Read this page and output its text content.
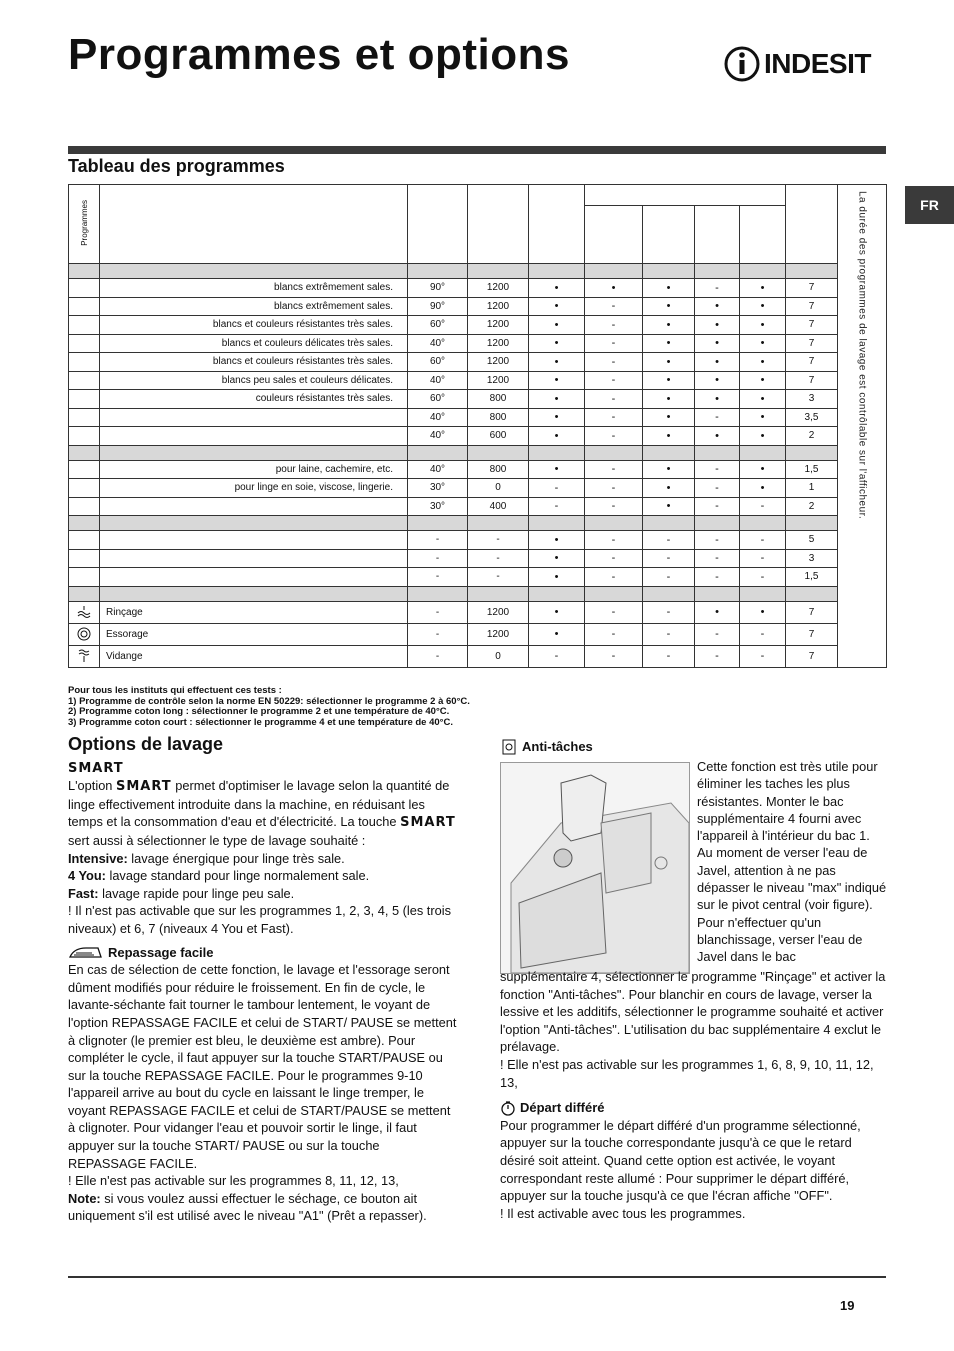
Programmes et options	INDESIT
Tableau des programmes
FR
Programmes										La durée des programmes de lavage est contrôlable sur l'afficheur.

	blancs extrêmement sales.	90°	1200	•	•	•	-	•	7	
	blancs extrêmement sales.	90°	1200	•	-	•	•	•	7	
	blancs et couleurs résistantes très sales.	60°	1200	•	-	•	•	•	7	
	blancs et couleurs délicates très sales.	40°	1200	•	-	•	•	•	7	
	blancs et couleurs résistantes très sales.	60°	1200	•	-	•	•	•	7	
	blancs peu sales et couleurs délicates.	40°	1200	•	-	•	•	•	7	
	couleurs résistantes très sales.	60°	800	•	-	•	•	•	3	
		40°	800	•	-	•	-	•	3,5	
		40°	600	•	-	•	•	•	2	

	pour laine, cachemire, etc.	40°	800	•	-	•	-	•	1,5	
	pour linge en soie, viscose, lingerie.	30°	0	-	-	•	-	•	1	
		30°	400	-	-	•	-	-	2	

		-	-	•	-	-	-	-	5	
		-	-	•	-	-	-	-	3	
		-	-	•	-	-	-	-	1,5	

	Rinçage	-	1200	•	-	-	•	•	7	

	Essorage	-	1200	•	-	-	-	-	7	

	Vidange	-	0	-	-	-	-	-	7	
Pour tous les instituts qui effectuent ces tests :
1) Programme de contrôle selon la norme EN 50229: sélectionner le programme 2 à 60°C.
2) Programme coton long : sélectionner le programme 2 et une température de 40°C.
3) Programme coton court : sélectionner le programme 4 et une température de 40°C.
Options de lavage
SMART

L'option SMART permet d'optimiser le lavage selon la quantité de linge effectivement introduite dans la machine, en réduisant les temps et la consommation d'eau et d'électricité. La touche SMART sert aussi à sélectionner le type de lavage souhaité :

Intensive: lavage énergique pour linge très sale.

4 You: lavage standard pour linge normalement sale.

Fast: lavage rapide pour linge peu sale.

! Il n'est pas activable que sur les programmes 1, 2, 3, 4, 5 (les trois niveaux) et 6, 7 (niveaux 4 You et Fast).

Repassage facile

En cas de sélection de cette fonction, le lavage et l'essorage seront dûment modifiés pour réduire le froissement. En fin de cycle, le lavante-séchante fait tourner le tambour lentement, le voyant de l'option REPASSAGE FACILE et celui de START/ PAUSE se mettent à clignoter (le premier est bleu, le deuxième est ambre). Pour compléter le cycle, il faut appuyer sur la touche START/PAUSE ou sur la touche REPASSAGE FACILE. Pour le programmes 9-10 l'appareil arrive au bout du cycle en laissant le linge tremper, le voyant REPASSAGE FACILE et celui de START/PAUSE se mettent à clignoter. Pour vidanger l'eau et pouvoir sortir le linge, il faut appuyer sur la touche START/ PAUSE ou sur la touche REPASSAGE FACILE.

! Elle n'est pas activable sur les programmes 8, 11, 12, 13,

Note: si vous voulez aussi effectuer le séchage, ce bouton ait uniquement s'il est utilisé avec le niveau "A1" (Prêt a repasser).

Anti-tâches
Cette fonction est très utile pour éliminer les taches les plus résistantes. Monter le bac supplémentaire 4 fourni avec l'appareil à l'intérieur du bac 1. Au moment de verser l'eau de Javel, attention à ne pas dépasser le niveau "max" indiqué sur le pivot central (voir figure). Pour n'effectuer qu'un blanchissage, verser l'eau de Javel dans le bac

supplémentaire 4, sélectionner le programme "Rinçage" et activer la fonction "Anti-tâches". Pour blanchir en cours de lavage, verser la lessive et les additifs, sélectionner le programme souhaité et activer l'option "Anti-tâches". L'utilisation du bac supplémentaire 4 exclut le prélavage.

! Elle n'est pas activable sur les programmes 1, 6, 8, 9, 10, 11, 12, 13,

Départ différé

Pour programmer le départ différé d'un programme sélectionné, appuyer sur la touche correspondante jusqu'à ce que le retard désiré soit atteint. Quand cette option est activée, le voyant correspondant reste allumé : Pour supprimer le départ différé, appuyer sur la touche jusqu'à ce que l'écran affiche "OFF".

! Il est activable avec tous les programmes.

19
